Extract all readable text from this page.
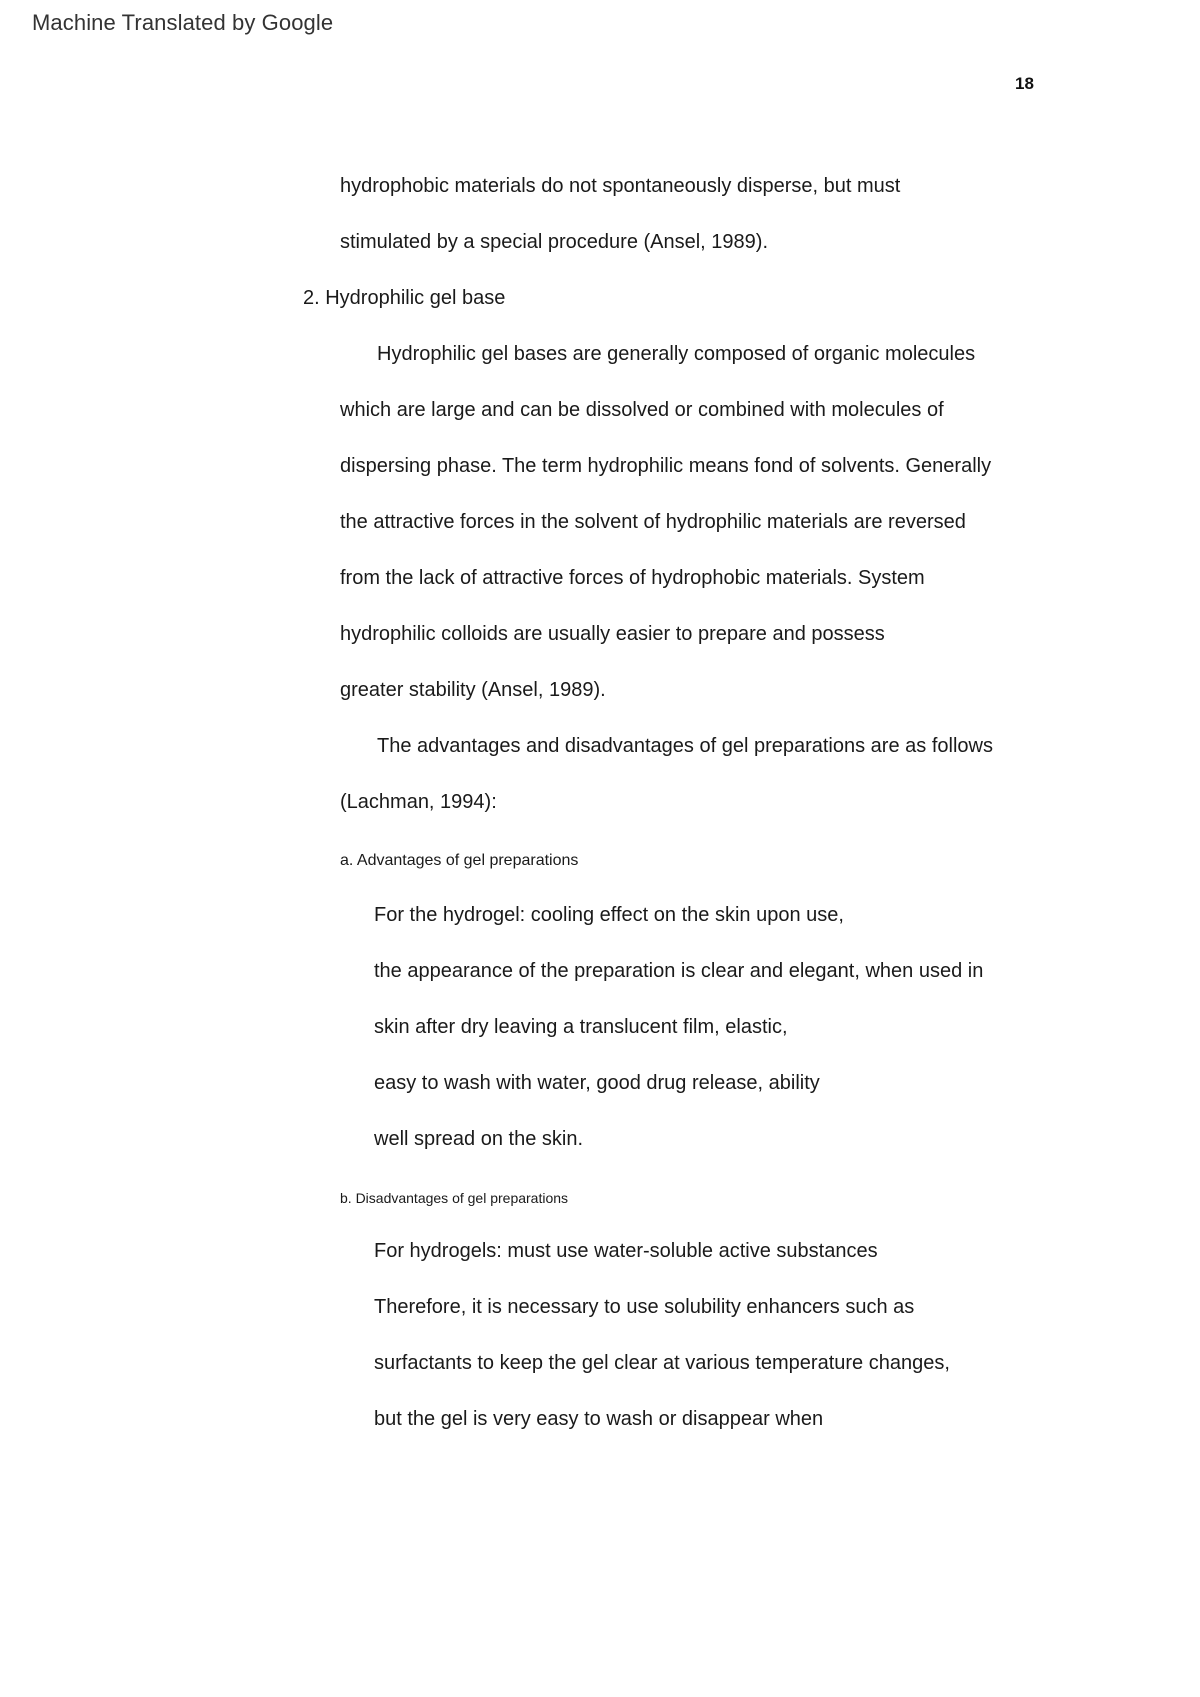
Machine Translated by Google
18
hydrophobic materials do not spontaneously disperse, but must
stimulated by a special procedure (Ansel, 1989).
2. Hydrophilic gel base
Hydrophilic gel bases are generally composed of organic molecules
which are large and can be dissolved or combined with molecules of
dispersing phase. The term hydrophilic means fond of solvents. Generally
the attractive forces in the solvent of hydrophilic materials are reversed
from the lack of attractive forces of hydrophobic materials. System
hydrophilic colloids are usually easier to prepare and possess
greater stability (Ansel, 1989).
The advantages and disadvantages of gel preparations are as follows
(Lachman, 1994):
a. Advantages of gel preparations
For the hydrogel: cooling effect on the skin upon use,
the appearance of the preparation is clear and elegant, when used in
skin after dry leaving a translucent film, elastic,
easy to wash with water, good drug release, ability
well spread on the skin.
b. Disadvantages of gel preparations
For hydrogels: must use water-soluble active substances
Therefore, it is necessary to use solubility enhancers such as
surfactants to keep the gel clear at various temperature changes,
but the gel is very easy to wash or disappear when
